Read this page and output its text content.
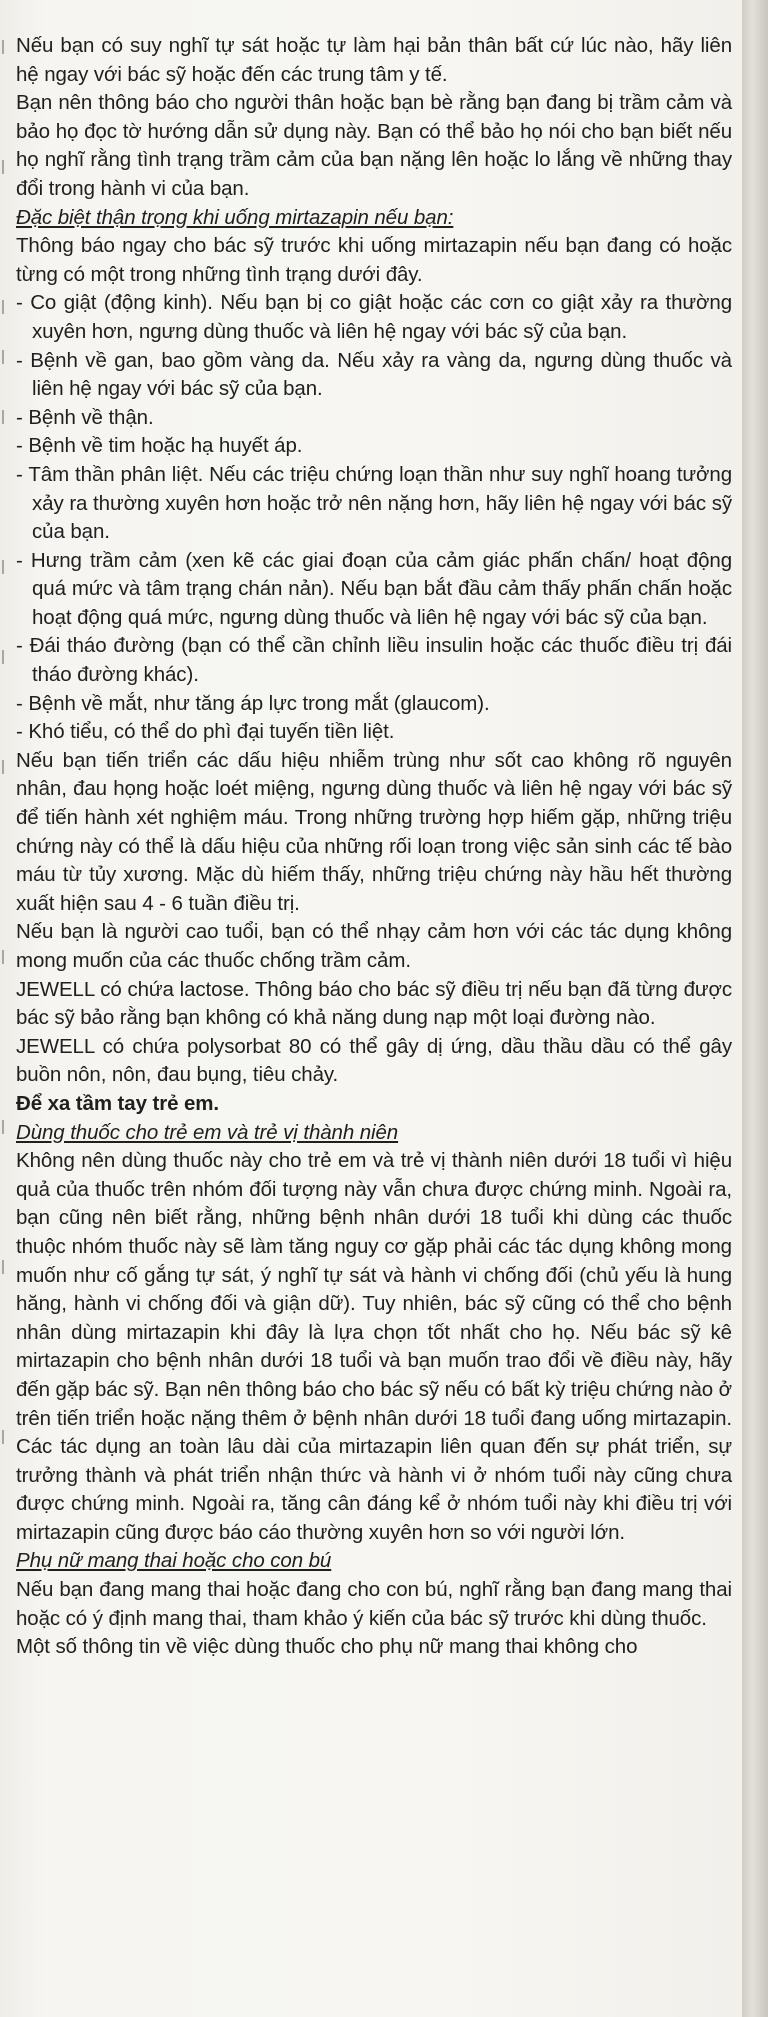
Nếu bạn có suy nghĩ tự sát hoặc tự làm hại bản thân bất cứ lúc nào, hãy liên hệ ngay với bác sỹ hoặc đến các trung tâm y tế.

Bạn nên thông báo cho người thân hoặc bạn bè rằng bạn đang bị trầm cảm và bảo họ đọc tờ hướng dẫn sử dụng này. Bạn có thể bảo họ nói cho bạn biết nếu họ nghĩ rằng tình trạng trầm cảm của bạn nặng lên hoặc lo lắng về những thay đổi trong hành vi của bạn.

Đặc biệt thận trọng khi uống mirtazapin nếu bạn:

Thông báo ngay cho bác sỹ trước khi uống mirtazapin nếu bạn đang có hoặc từng có một trong những tình trạng dưới đây.

- Co giật (động kinh). Nếu bạn bị co giật hoặc các cơn co giật xảy ra thường xuyên hơn, ngưng dùng thuốc và liên hệ ngay với bác sỹ của bạn.

- Bệnh về gan, bao gồm vàng da. Nếu xảy ra vàng da, ngưng dùng thuốc và liên hệ ngay với bác sỹ của bạn.

- Bệnh về thận.

- Bệnh về tim hoặc hạ huyết áp.

- Tâm thần phân liệt. Nếu các triệu chứng loạn thần như suy nghĩ hoang tưởng xảy ra thường xuyên hơn hoặc trở nên nặng hơn, hãy liên hệ ngay với bác sỹ của bạn.

- Hưng trầm cảm (xen kẽ các giai đoạn của cảm giác phấn chấn/ hoạt động quá mức và tâm trạng chán nản). Nếu bạn bắt đầu cảm thấy phấn chấn hoặc hoạt động quá mức, ngưng dùng thuốc và liên hệ ngay với bác sỹ của bạn.

- Đái tháo đường (bạn có thể cần chỉnh liều insulin hoặc các thuốc điều trị đái tháo đường khác).

- Bệnh về mắt, như tăng áp lực trong mắt (glaucom).

- Khó tiểu, có thể do phì đại tuyến tiền liệt.

Nếu bạn tiến triển các dấu hiệu nhiễm trùng như sốt cao không rõ nguyên nhân, đau họng hoặc loét miệng, ngưng dùng thuốc và liên hệ ngay với bác sỹ để tiến hành xét nghiệm máu. Trong những trường hợp hiếm gặp, những triệu chứng này có thể là dấu hiệu của những rối loạn trong việc sản sinh các tế bào máu từ tủy xương. Mặc dù hiếm thấy, những triệu chứng này hầu hết thường xuất hiện sau 4 - 6 tuần điều trị.

Nếu bạn là người cao tuổi, bạn có thể nhạy cảm hơn với các tác dụng không mong muốn của các thuốc chống trầm cảm.

JEWELL có chứa lactose. Thông báo cho bác sỹ điều trị nếu bạn đã từng được bác sỹ bảo rằng bạn không có khả năng dung nạp một loại đường nào.

JEWELL có chứa polysorbat 80 có thể gây dị ứng, dầu thầu dầu có thể gây buồn nôn, nôn, đau bụng, tiêu chảy.

Để xa tầm tay trẻ em.

Dùng thuốc cho trẻ em và trẻ vị thành niên

Không nên dùng thuốc này cho trẻ em và trẻ vị thành niên dưới 18 tuổi vì hiệu quả của thuốc trên nhóm đối tượng này vẫn chưa được chứng minh. Ngoài ra, bạn cũng nên biết rằng, những bệnh nhân dưới 18 tuổi khi dùng các thuốc thuộc nhóm thuốc này sẽ làm tăng nguy cơ gặp phải các tác dụng không mong muốn như cố gắng tự sát, ý nghĩ tự sát và hành vi chống đối (chủ yếu là hung hăng, hành vi chống đối và giận dữ). Tuy nhiên, bác sỹ cũng có thể cho bệnh nhân dùng mirtazapin khi đây là lựa chọn tốt nhất cho họ. Nếu bác sỹ kê mirtazapin cho bệnh nhân dưới 18 tuổi và bạn muốn trao đổi về điều này, hãy đến gặp bác sỹ. Bạn nên thông báo cho bác sỹ nếu có bất kỳ triệu chứng nào ở trên tiến triển hoặc nặng thêm ở bệnh nhân dưới 18 tuổi đang uống mirtazapin. Các tác dụng an toàn lâu dài của mirtazapin liên quan đến sự phát triển, sự trưởng thành và phát triển nhận thức và hành vi ở nhóm tuổi này cũng chưa được chứng minh. Ngoài ra, tăng cân đáng kể ở nhóm tuổi này khi điều trị với mirtazapin cũng được báo cáo thường xuyên hơn so với người lớn.

Phụ nữ mang thai hoặc cho con bú

Nếu bạn đang mang thai hoặc đang cho con bú, nghĩ rằng bạn đang mang thai hoặc có ý định mang thai, tham khảo ý kiến của bác sỹ trước khi dùng thuốc.

Một số thông tin về việc dùng thuốc cho phụ nữ mang thai không cho
